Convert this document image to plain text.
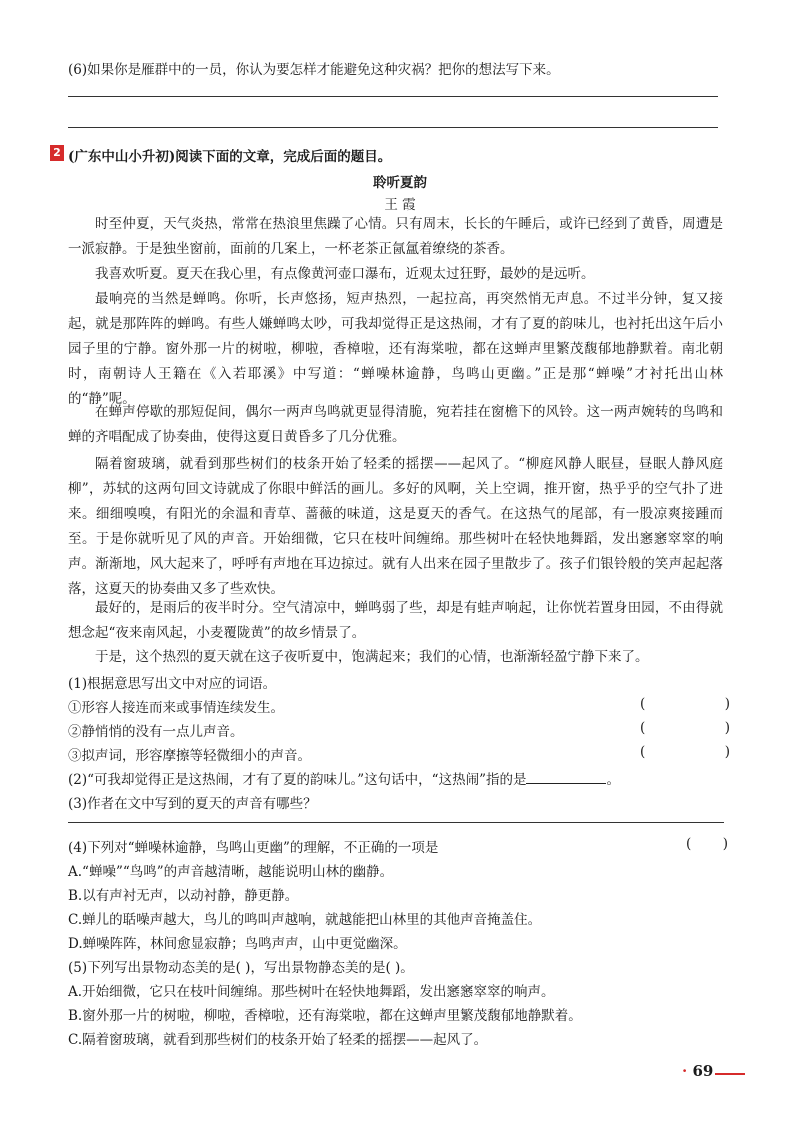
(6)如果你是雁群中的一员，你认为要怎样才能避免这种灾祸？把你的想法写下来。
2 (广东中山小升初)阅读下面的文章，完成后面的题目。
聆听夏韵
王 霞
时至仲夏，天气炎热，常常在热浪里焦躁了心情。只有周末，长长的午睡后，或许已经到了黄昏，周遭是一派寂静。于是独坐窗前，面前的几案上，一杯老茶正氤氲着缭绕的茶香。
我喜欢听夏。夏天在我心里，有点像黄河壶口瀑布，近观太过狂野，最妙的是远听。
最响亮的当然是蝉鸣。你听，长声悠扬，短声热烈，一起拉高，再突然悄无声息。不过半分钟，复又接起，就是那阵阵的蝉鸣。有些人嫌蝉鸣太吵，可我却觉得正是这热闹，才有了夏的韵味儿，也衬托出这午后小园子里的宁静。窗外那一片的树啦，柳啦，香樟啦，还有海棠啦，都在这蝉声里繁茂馥郁地静默着。南北朝时，南朝诗人王籍在《入若耶溪》中写道：“蝉噪林逾静，鸟鸣山更幽。”正是那“蝉噪”才衬托出山林的“静”呢。
在蝉声停歇的那短促间，偶尔一两声鸟鸣就更显得清脆，宛若挂在窗檐下的风铃。这一两声婉转的鸟鸣和蝉的齐唱配成了协奏曲，使得这夏日黄昏多了几分优雅。
隔着窗玻璃，就看到那些树们的枝条开始了轻柔的摇摆——起风了。“柳庭风静人眠昼，昼眠人静风庭柳”，苏轼的这两句回文诗就成了你眼中鲜活的画儿。多好的风啊，关上空调，推开窗，热乎乎的空气扑了进来。细细嗅嗅，有阳光的余温和青草、蔷薇的味道，这是夏天的香气。在这热气的尾部，有一股凉爽接踵而至。于是你就听见了风的声音。开始细微，它只在枝叶间缠绵。那些树叶在轻快地舞蹈，发出窸窸窣窣的响声。渐渐地，风大起来了，呼呼有声地在耳边掠过。就有人出来在园子里散步了。孩子们银铃般的笑声起起落落，这夏天的协奏曲又多了些欢快。
最好的，是雨后的夜半时分。空气清凉中，蝉鸣弱了些，却是有蛙声响起，让你恍若置身田园，不由得就想念起“夜来南风起，小麦覆陇黄”的故乡情景了。
于是，这个热烈的夏天就在这子夜听夏中，饱满起来；我们的心情，也渐渐轻盈宁静下来了。
(1)根据意思写出文中对应的词语。
①形容人接连而来或事情连续发生。	(	)
②静悄悄的没有一点儿声音。	(	)
③拟声词，形容摩擦等轻微细小的声音。	(	)
(2)“可我却觉得正是这热闹，才有了夏的韵味儿。”这句话中，“这热闹”指的是	。
(3)作者在文中写到的夏天的声音有哪些？
(4)下列对“蝉噪林逾静，鸟鸣山更幽”的理解，不正确的一项是	( )
A.“蝉噪”“鸟鸣”的声音越清晰，越能说明山林的幽静。
B.以有声衬无声，以动衬静，静更静。
C.蝉儿的聒噪声越大，鸟儿的鸣叫声越响，就越能把山林里的其他声音掩盖住。
D.蝉噪阵阵，林间愈显寂静；鸟鸣声声，山中更觉幽深。
(5)下列写出景物动态美的是( )，写出景物静态美的是( )。
A.开始细微，它只在枝叶间缠绵。那些树叶在轻快地舞蹈，发出窸窸窣窣的响声。
B.窗外那一片的树啦，柳啦，香樟啦，还有海棠啦，都在这蝉声里繁茂馥郁地静默着。
C.隔着窗玻璃，就看到那些树们的枝条开始了轻柔的摇摆——起风了。
· 69
